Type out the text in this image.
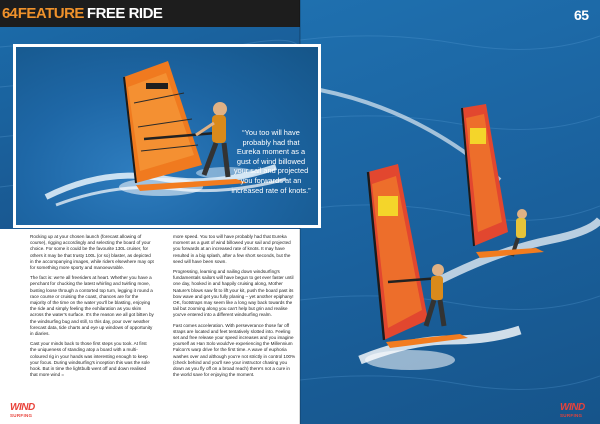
64 FEATURE FREE RIDE

Rocking up at your chosen launch (forecast allowing of course), rigging accordingly and selecting the board of your choice. For some it could be the favourite 130L cruiser, for others it may be that trusty 100L (or so) blaster, as depicted in the accompanying images, while riders elsewhere may opt for something more sporty and manoeuvrable.

The fact is: we're all freeriders at heart. Whether you have a penchant for chucking the latest whirling and twirling move, busting loose through a contorted top turn, legging it round a race course or cruising the coast, chances are for the majority of the time on the water you'll be blasting, enjoying the ride and simply feeling the exhilaration as you skim across the water's surface. It's the reason we all got bitten by the windsurfing bug and still, to this day, pour over weather forecast data, tide charts and eye up windows of opportunity in diaries.

Cast your minds back to those first steps you took. At first the uniqueness of standing atop a board with a multi-coloured rig in your hands was interesting enough to keep your focus. During windsurfing's inception this was the sole hook. But in time the lightbulb went off and down realised that more wind =

more speed. You too will have probably had that Eureka moment as a gust of wind billowed your sail and projected you forwards at an increased rate of knots. It may have resulted in a big splash, after a few short seconds, but the seed will have been sown.

Progressing, learning and nailing down windsurfing's fundamentals sailors will have begun to get ever faster until one day, hooked in and happily cruising along, Mother Nature's blows saw fit to lift your kit, push the board past its bow wave and get you fully planing – yet another epiphany! OK, footstraps may seem like a long way back towards the tail but zooming along you can't help but grin and realise you've entered into a different windsurfing realm.

Fast comes acceleration. With perseverance those far off straps are located and feet tentatively slotted into. Feeling set and free release your speed increases and you imagine yourself as Han Solo would've experiencing the Millennium Falcon's warp drive for the first time. A wave of euphoria washes over and although you're not strictly in control 100% (check behind and you'll see your instructor chasing you down as you fly off on a broad reach) there's not a cure in the world save for enjoying the moment.

WIND
SURFING
“You too will have probably had that Eureka moment as a gust of wind billowed your sail and projected you forwards at an increased rate of knots.”
65
WIND
SURFING
